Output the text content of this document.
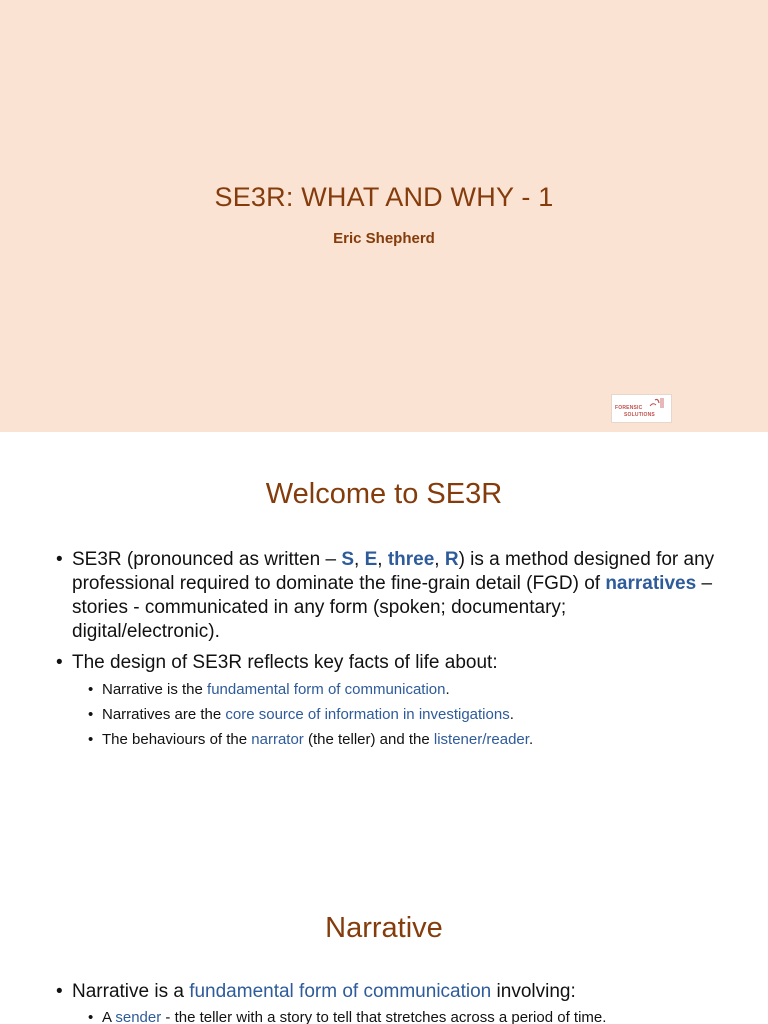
SE3R: WHAT AND WHY - 1
Eric Shepherd
FORENSIC
SOLUTIONS
Welcome to SE3R
• SE3R (pronounced as written – S, E, three, R) is a method designed for any professional required to dominate the fine-grain detail (FGD) of narratives – stories - communicated in any form (spoken; documentary; digital/electronic).
• The design of SE3R reflects key facts of life about:
• Narrative is the fundamental form of communication.
• Narratives are the core source of information in investigations.
• The behaviours of the narrator (the teller) and the listener/reader.
Narrative
• Narrative is a fundamental form of communication involving:
• A sender - the teller with a story to tell that stretches across a period of time.
